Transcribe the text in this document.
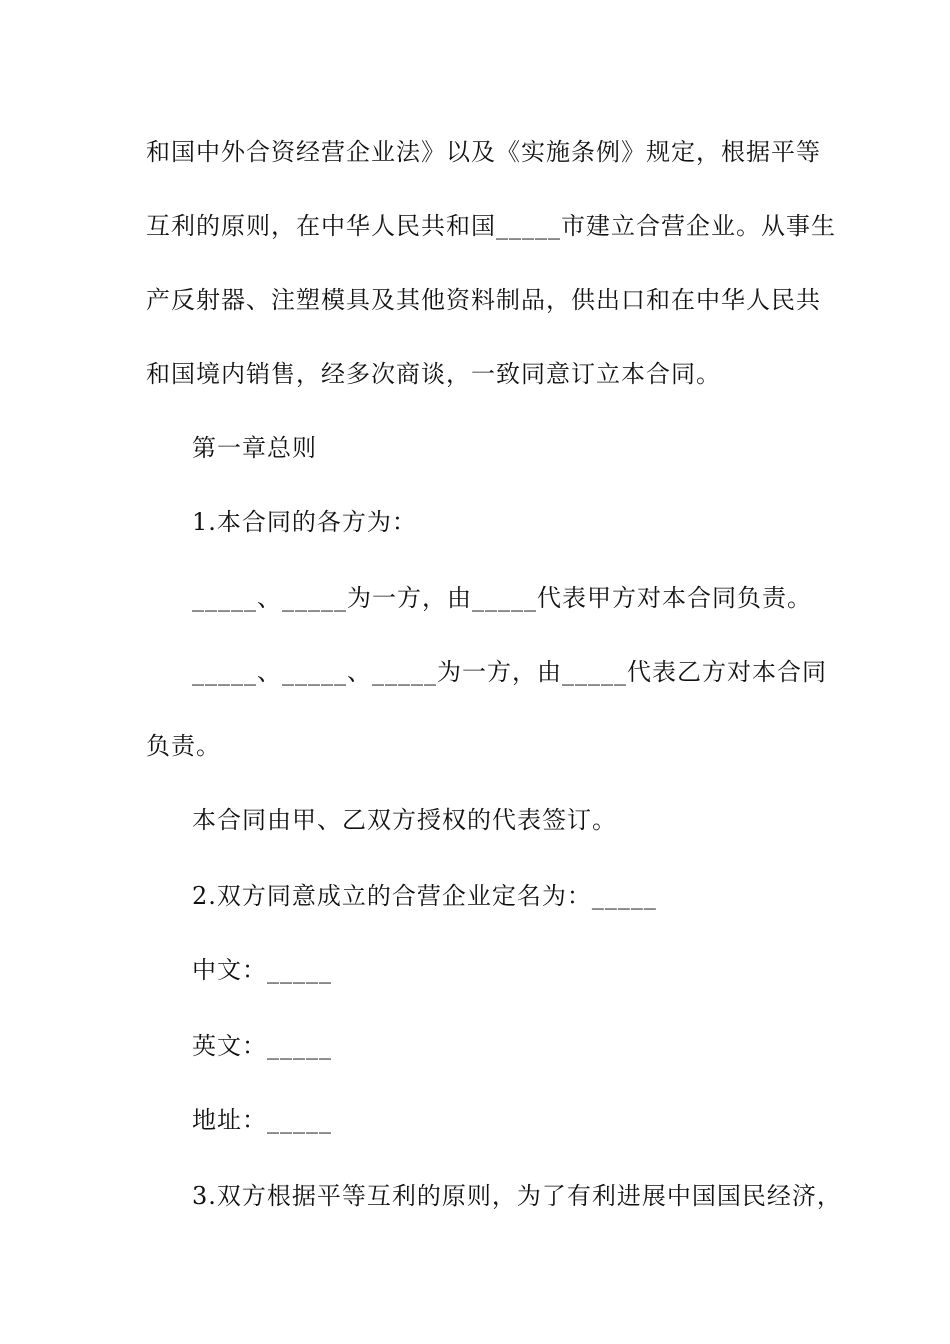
和国中外合资经营企业法》以及《实施条例》规定，根据平等
互利的原则，在中华人民共和国_____市建立合营企业。从事生
产反射器、注塑模具及其他资料制品，供出口和在中华人民共
和国境内销售，经多次商谈，一致同意订立本合同。
第一章总则
1.本合同的各方为：
_____、_____为一方，由_____代表甲方对本合同负责。
_____、_____、_____为一方，由_____代表乙方对本合同
负责。
本合同由甲、乙双方授权的代表签订。
2.双方同意成立的合营企业定名为：_____
中文：_____
英文：_____
地址：_____
3.双方根据平等互利的原则，为了有利进展中国国民经济，
